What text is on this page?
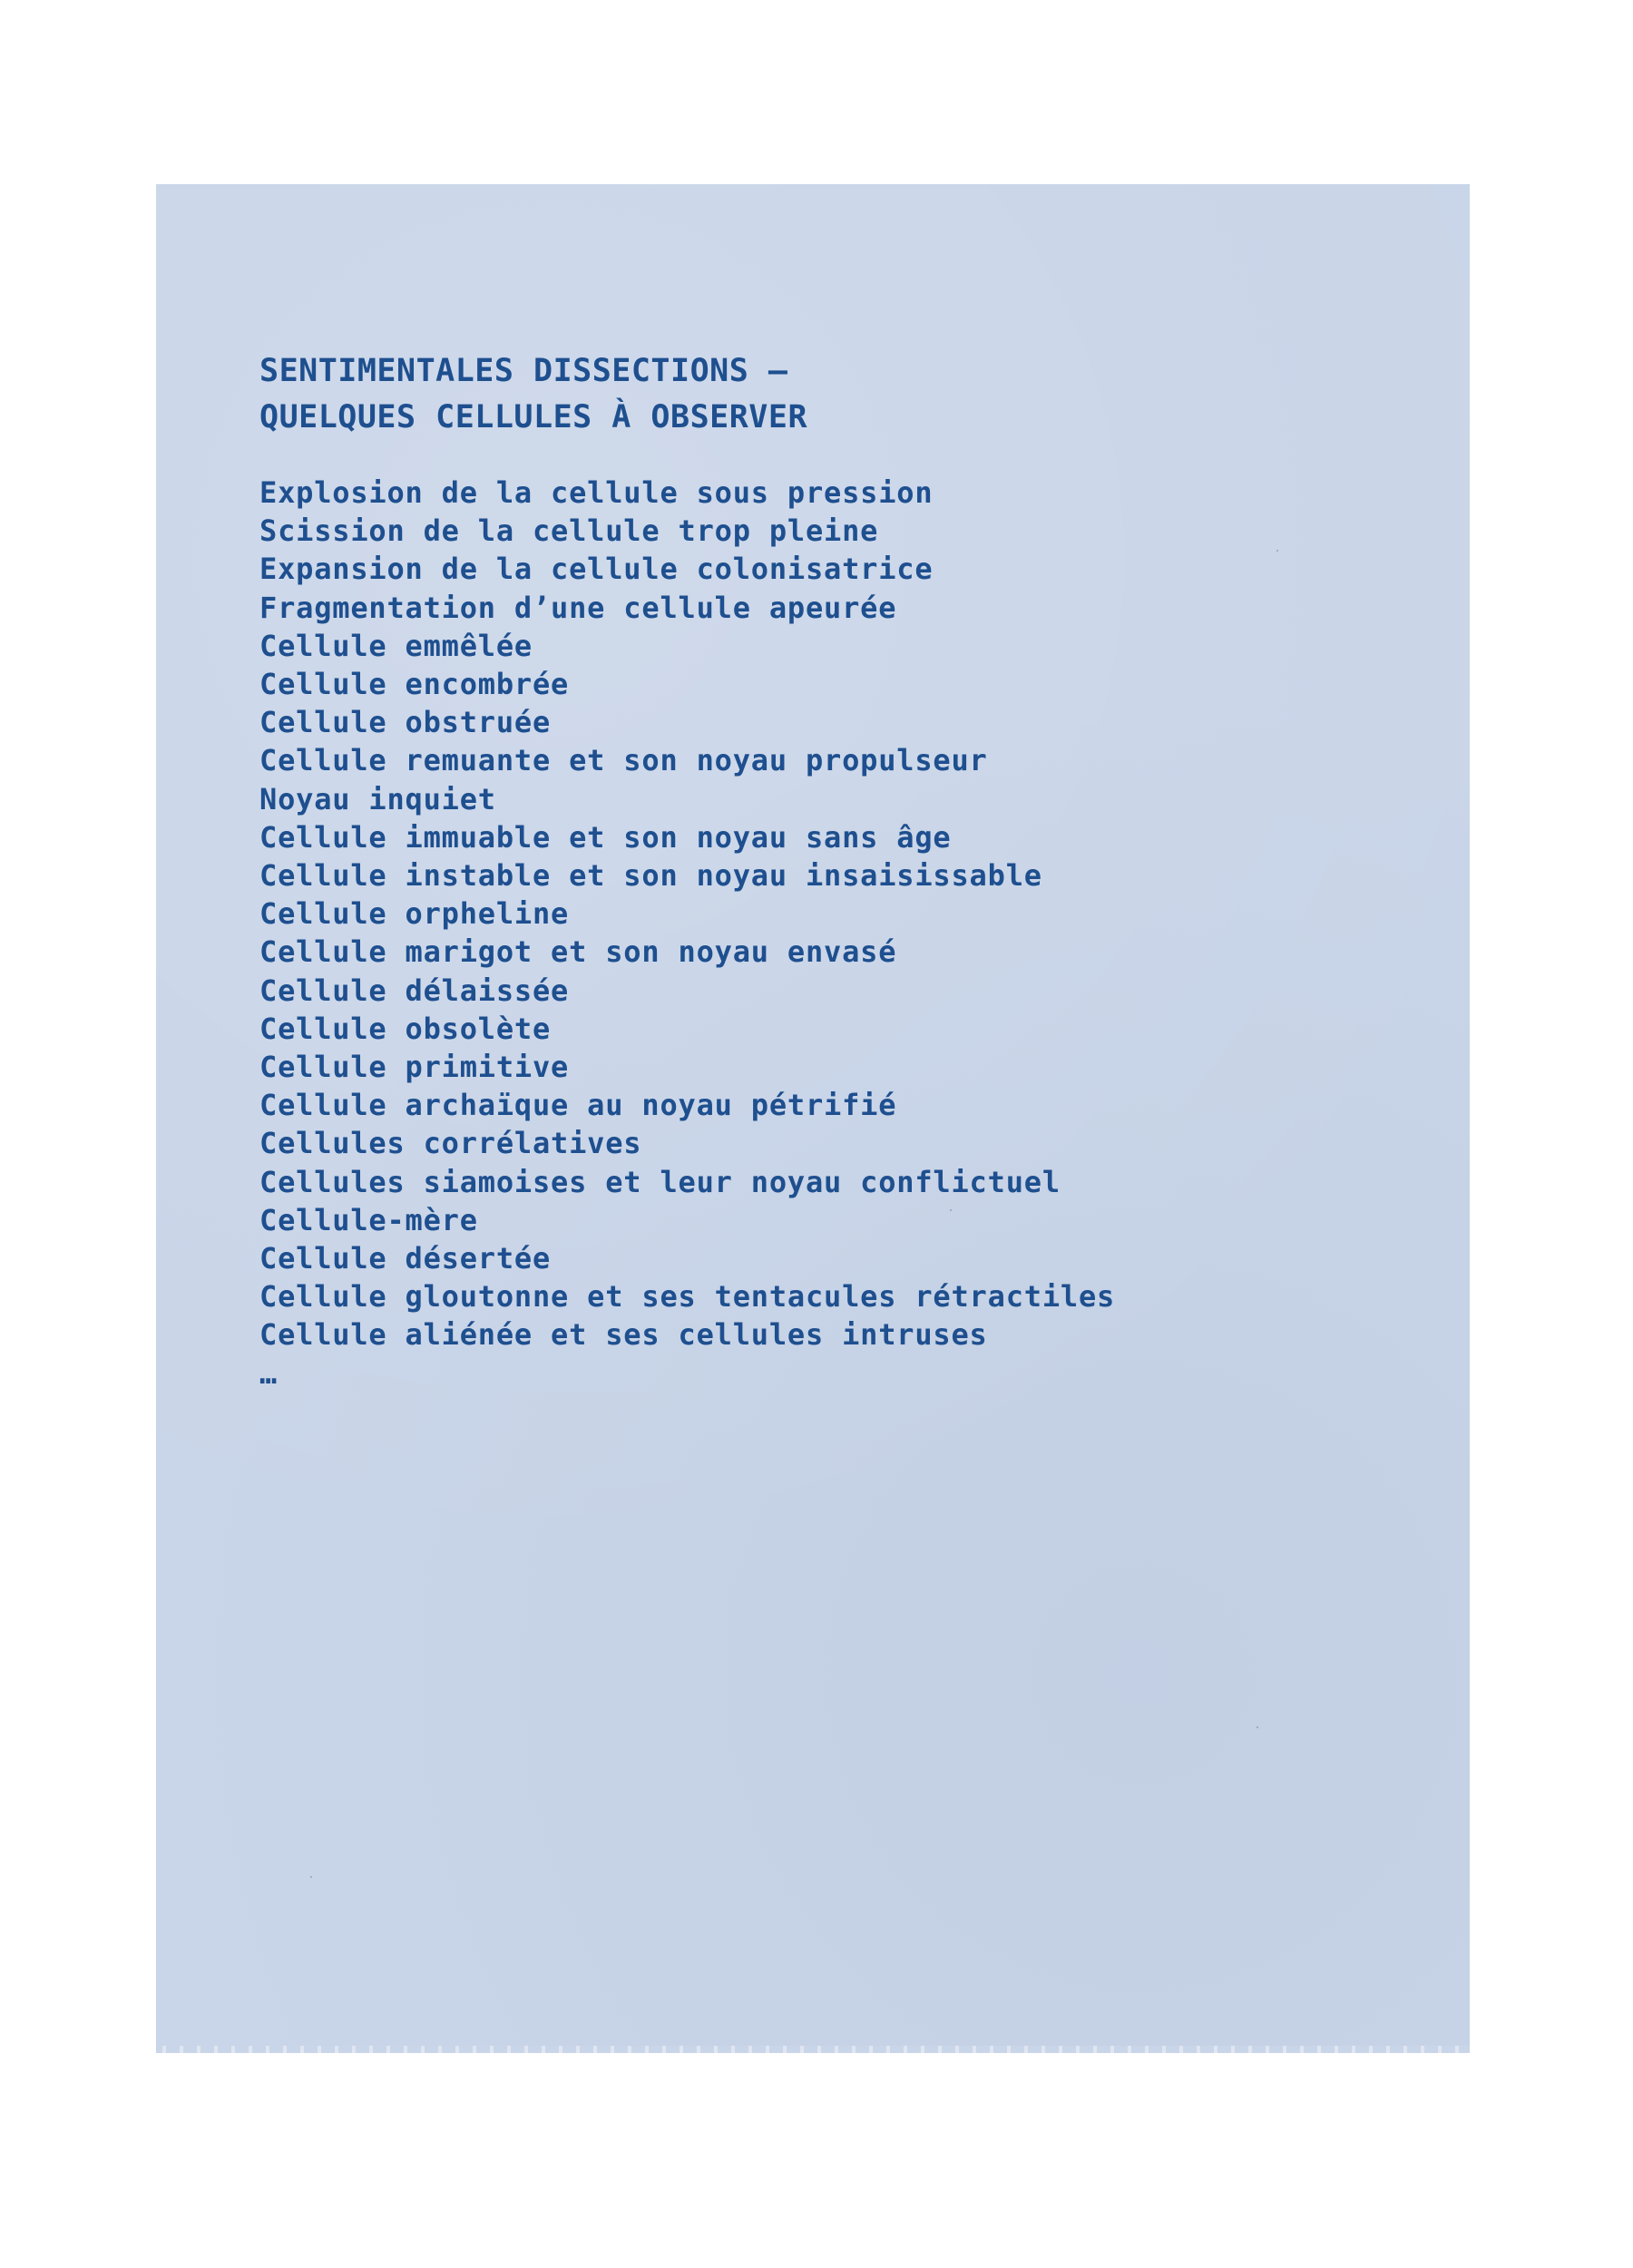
SENTIMENTALES DISSECTIONS —
QUELQUES CELLULES À OBSERVER
Explosion de la cellule sous pression
Scission de la cellule trop pleine
Expansion de la cellule colonisatrice
Fragmentation d’une cellule apeurée
Cellule emmêlée
Cellule encombrée
Cellule obstruée
Cellule remuante et son noyau propulseur
Noyau inquiet
Cellule immuable et son noyau sans âge
Cellule instable et son noyau insaisissable
Cellule orpheline
Cellule marigot et son noyau envasé
Cellule délaissée
Cellule obsolète
Cellule primitive
Cellule archaïque au noyau pétrifié
Cellules corrélatives
Cellules siamoises et leur noyau conflictuel
Cellule-mère
Cellule désertée
Cellule gloutonne et ses tentacules rétractiles
Cellule aliénée et ses cellules intruses
…
